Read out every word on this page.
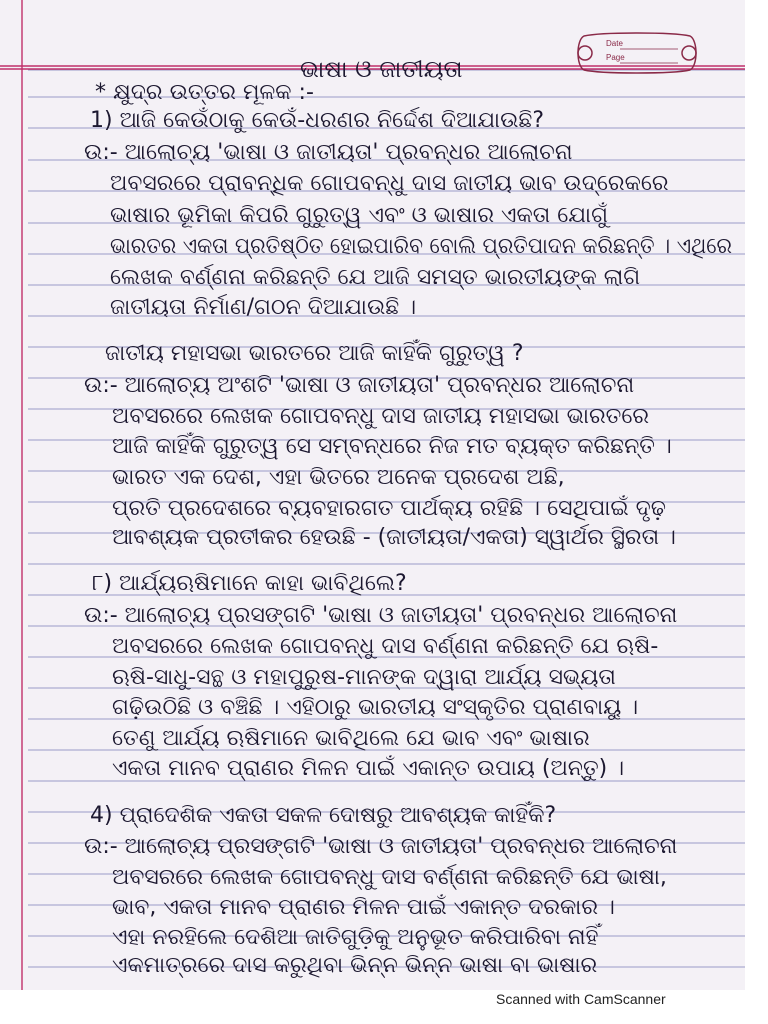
Date
Page

ଭାଷା ଓ ଜାତୀୟତା

* କ୍ଷୁଦ୍ର ଉତ୍ତର ମୂଳକ :-

1) ଆଜି କେଉଁଠାକୁ କେଉଁ-ଧରଣର ନିର୍ଦ୍ଦେଶ ଦିଆଯାଉଛି?

ଉ:- ଆଲୋଚ୍ୟ 'ଭାଷା ଓ ଜାତୀୟତା' ପ୍ରବନ୍ଧର ଆଲୋଚନା

ଅବସରରେ ପ୍ରାବନ୍ଧିକ ଗୋପବନ୍ଧୁ ଦାସ ଜାତୀୟ ଭାବ ଉଦ୍ରେକରେ

ଭାଷାର ଭୂମିକା କିପରି ଗୁରୁତ୍ୱ ଏବଂ ଓ ଭାଷାର ଏକତା ଯୋଗୁଁ

ଭାରତର ଏକତା ପ୍ରତିଷ୍ଠିତ ହୋଇପାରିବ ବୋଲି ପ୍ରତିପାଦନ କରିଛନ୍ତି । ଏଥିରେ

ଲେଖକ ବର୍ଣ୍ଣନା କରିଛନ୍ତି ଯେ ଆଜି ସମସ୍ତ ଭାରତୀୟଙ୍କ ଲାଗି

ଜାତୀୟତା ନିର୍ମାଣ/ଗଠନ ଦିଆଯାଉଛି ।

ଜାତୀୟ ମହାସଭା ଭାରତରେ ଆଜି କାହିଁକି ଗୁରୁତ୍ୱ ?

ଉ:- ଆଲୋଚ୍ୟ ଅଂଶଟି 'ଭାଷା ଓ ଜାତୀୟତା' ପ୍ରବନ୍ଧର ଆଲୋଚନା

ଅବସରରେ ଲେଖକ ଗୋପବନ୍ଧୁ ଦାସ ଜାତୀୟ ମହାସଭା ଭାରତରେ

ଆଜି କାହିଁକି ଗୁରୁତ୍ୱ ସେ ସମ୍ବନ୍ଧରେ ନିଜ ମତ ବ୍ୟକ୍ତ କରିଛନ୍ତି ।

ଭାରତ ଏକ ଦେଶ, ଏହା ଭିତରେ ଅନେକ ପ୍ରଦେଶ ଅଛି,

ପ୍ରତି ପ୍ରଦେଶରେ ବ୍ୟବହାରଗତ ପାର୍ଥକ୍ୟ ରହିଛି । ସେଥିପାଇଁ ଦୃଢ଼

ଆବଶ୍ୟକ ପ୍ରତୀକର ହେଉଛି - (ଜାତୀୟତା/ଏକତା) ସ୍ୱାର୍ଥର ସ୍ଥିରତା ।

୮) ଆର୍ଯ୍ୟଋଷିମାନେ କାହା ଭାବିଥିଲେ?

ଉ:- ଆଲୋଚ୍ୟ ପ୍ରସଙ୍ଗଟି 'ଭାଷା ଓ ଜାତୀୟତା' ପ୍ରବନ୍ଧର ଆଲୋଚନା

ଅବସରରେ ଲେଖକ ଗୋପବନ୍ଧୁ ଦାସ ବର୍ଣ୍ଣନା କରିଛନ୍ତି ଯେ ଋଷି-

ଋଷି-ସାଧୁ-ସନ୍ଥ ଓ ମହାପୁରୁଷ-ମାନଙ୍କ ଦ୍ୱାରା ଆର୍ଯ୍ୟ ସଭ୍ୟତା

ଗଢ଼ିଉଠିଛି ଓ ବଞ୍ଚିଛି । ଏହିଠାରୁ ଭାରତୀୟ ସଂସ୍କୃତିର ପ୍ରାଣବାୟୁ ।

ତେଣୁ ଆର୍ଯ୍ୟ ଋଷିମାନେ ଭାବିଥିଲେ ଯେ ଭାବ ଏବଂ ଭାଷାର

ଏକତା ମାନବ ପ୍ରାଣର ମିଳନ ପାଇଁ ଏକାନ୍ତ ଉପାୟ (ଅନ୍ତୁ) ।

4) ପ୍ରାଦେଶିକ ଏକତା ସକଳ ଦୋଷରୁ ଆବଶ୍ୟକ କାହିଁକି?

ଉ:- ଆଲୋଚ୍ୟ ପ୍ରସଙ୍ଗଟି 'ଭାଷା ଓ ଜାତୀୟତା' ପ୍ରବନ୍ଧର ଆଲୋଚନା

ଅବସରରେ ଲେଖକ ଗୋପବନ୍ଧୁ ଦାସ ବର୍ଣ୍ଣନା କରିଛନ୍ତି ଯେ ଭାଷା,

ଭାବ, ଏକତା ମାନବ ପ୍ରାଣର ମିଳନ ପାଇଁ ଏକାନ୍ତ ଦରକାର ।

ଏହା ନରହିଲେ ଦେଶିଆ ଜାତିଗୁଡ଼ିକୁ ଅନୁଭୂତ କରିପାରିବା ନାହିଁ

ଏକମାତ୍ରରେ ଦାସ କରୁଥିବା ଭିନ୍ନ ଭିନ୍ନ ଭାଷା ବା ଭାଷାର

Scanned with CamScanner
